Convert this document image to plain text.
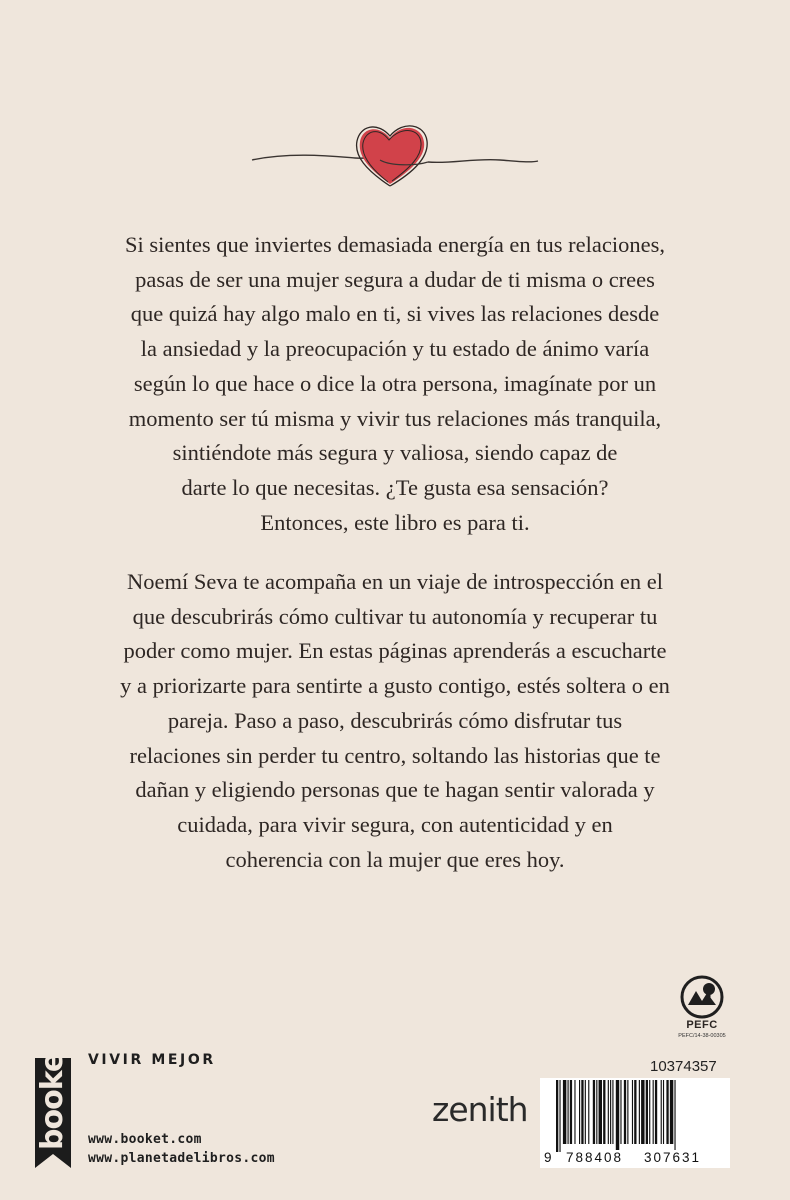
Si sientes que inviertes demasiada energía en tus relaciones,

pasas de ser una mujer segura a dudar de ti misma o crees

que quizá hay algo malo en ti, si vives las relaciones desde

la ansiedad y la preocupación y tu estado de ánimo varía

según lo que hace o dice la otra persona, imagínate por un

momento ser tú misma y vivir tus relaciones más tranquila,

sintiéndote más segura y valiosa, siendo capaz de

darte lo que necesitas. ¿Te gusta esa sensación?

Entonces, este libro es para ti.

Noemí Seva te acompaña en un viaje de introspección en el

que descubrirás cómo cultivar tu autonomía y recuperar tu

poder como mujer. En estas páginas aprenderás a escucharte

y a priorizarte para sentirte a gusto contigo, estés soltera o en

pareja. Paso a paso, descubrirás cómo disfrutar tus

relaciones sin perder tu centro, soltando las historias que te

dañan y eligiendo personas que te hagan sentir valorada y

cuidada, para vivir segura, con autenticidad y en

coherencia con la mujer que eres hoy.

PEFC
PEFC/14-38-00305
booket VIVIR MEJOR
www.booket.com
www.planetadelibros.com
zenith
10374357
9 788408 307631
